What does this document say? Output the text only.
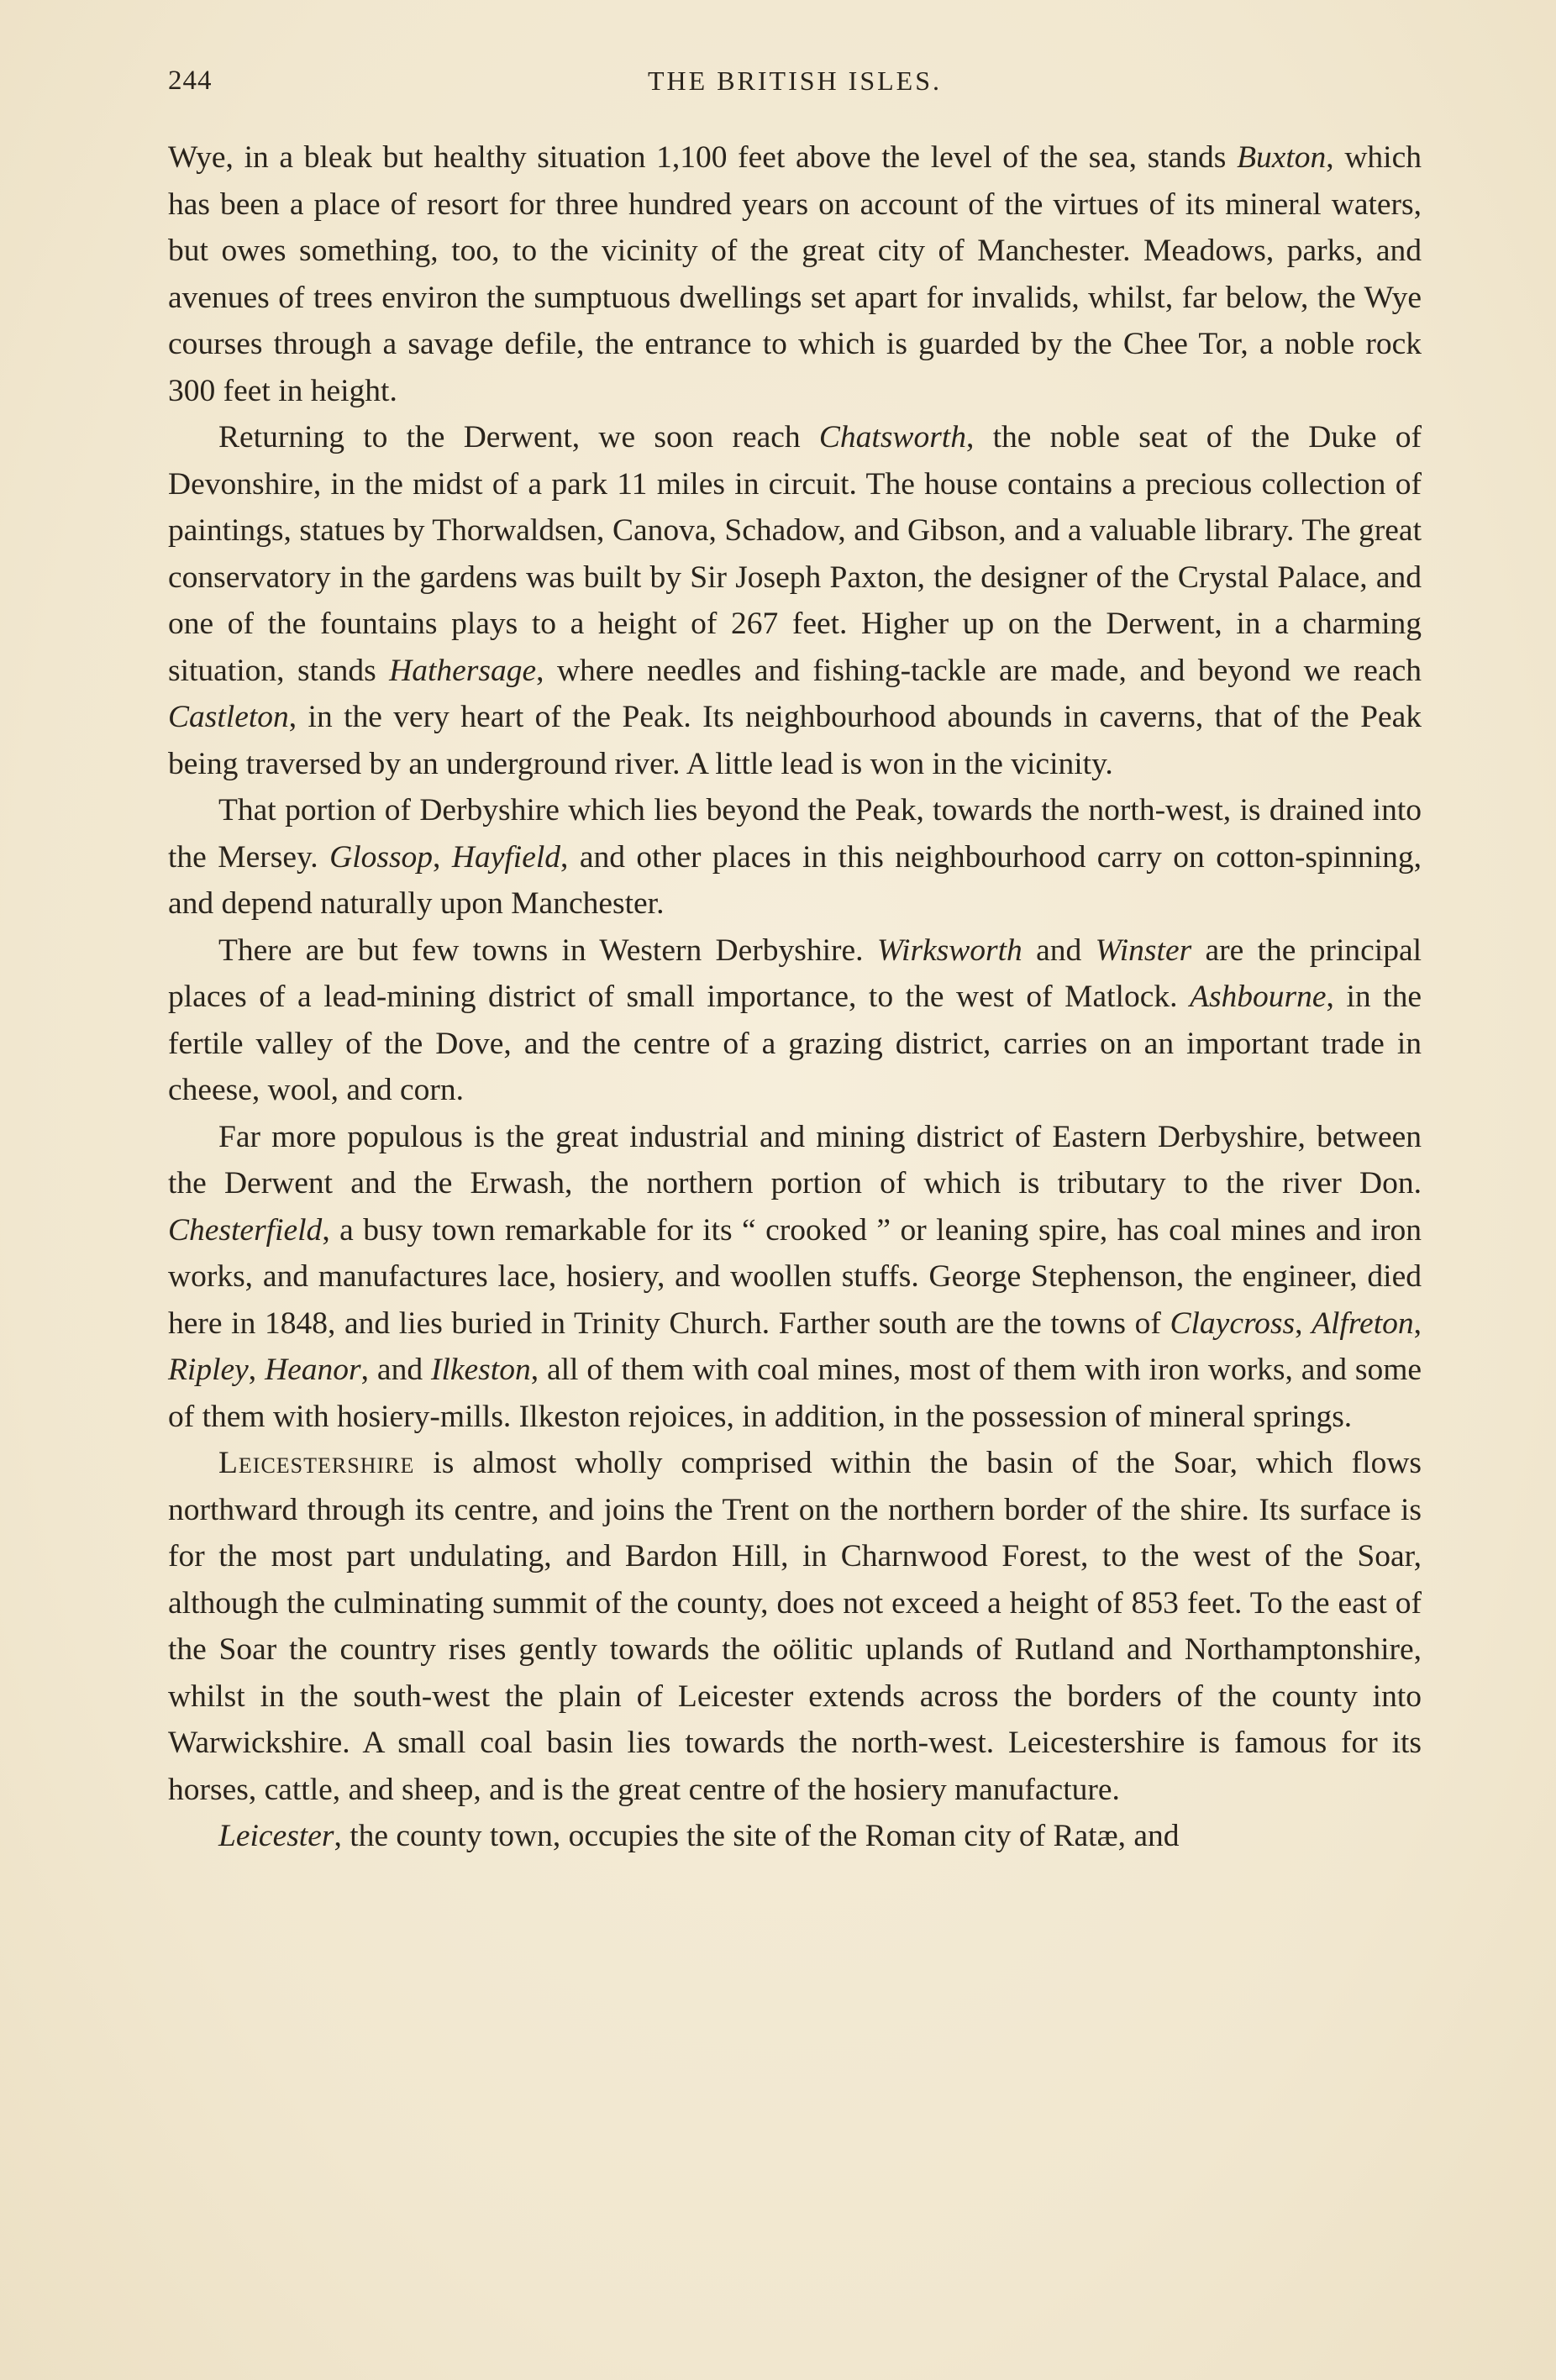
244	THE BRITISH ISLES.

Wye, in a bleak but healthy situation 1,100 feet above the level of the sea, stands Buxton, which has been a place of resort for three hundred years on account of the virtues of its mineral waters, but owes something, too, to the vicinity of the great city of Manchester. Meadows, parks, and avenues of trees environ the sumptuous dwellings set apart for invalids, whilst, far below, the Wye courses through a savage defile, the entrance to which is guarded by the Chee Tor, a noble rock 300 feet in height.

Returning to the Derwent, we soon reach Chatsworth, the noble seat of the Duke of Devonshire, in the midst of a park 11 miles in circuit. The house contains a precious collection of paintings, statues by Thorwaldsen, Canova, Schadow, and Gibson, and a valuable library. The great conservatory in the gardens was built by Sir Joseph Paxton, the designer of the Crystal Palace, and one of the fountains plays to a height of 267 feet. Higher up on the Derwent, in a charming situation, stands Hathersage, where needles and fishing-tackle are made, and beyond we reach Castleton, in the very heart of the Peak. Its neighbourhood abounds in caverns, that of the Peak being traversed by an underground river. A little lead is won in the vicinity.

That portion of Derbyshire which lies beyond the Peak, towards the north-west, is drained into the Mersey. Glossop, Hayfield, and other places in this neighbourhood carry on cotton-spinning, and depend naturally upon Manchester.

There are but few towns in Western Derbyshire. Wirksworth and Winster are the principal places of a lead-mining district of small importance, to the west of Matlock. Ashbourne, in the fertile valley of the Dove, and the centre of a grazing district, carries on an important trade in cheese, wool, and corn.

Far more populous is the great industrial and mining district of Eastern Derbyshire, between the Derwent and the Erwash, the northern portion of which is tributary to the river Don. Chesterfield, a busy town remarkable for its “ crooked ” or leaning spire, has coal mines and iron works, and manufactures lace, hosiery, and woollen stuffs. George Stephenson, the engineer, died here in 1848, and lies buried in Trinity Church. Farther south are the towns of Claycross, Alfreton, Ripley, Heanor, and Ilkeston, all of them with coal mines, most of them with iron works, and some of them with hosiery-mills. Ilkeston rejoices, in addition, in the possession of mineral springs.

Leicestershire is almost wholly comprised within the basin of the Soar, which flows northward through its centre, and joins the Trent on the northern border of the shire. Its surface is for the most part undulating, and Bardon Hill, in Charnwood Forest, to the west of the Soar, although the culminating summit of the county, does not exceed a height of 853 feet. To the east of the Soar the country rises gently towards the oölitic uplands of Rutland and Northamptonshire, whilst in the south-west the plain of Leicester extends across the borders of the county into Warwickshire. A small coal basin lies towards the north-west. Leicestershire is famous for its horses, cattle, and sheep, and is the great centre of the hosiery manufacture.

Leicester, the county town, occupies the site of the Roman city of Ratæ, and
